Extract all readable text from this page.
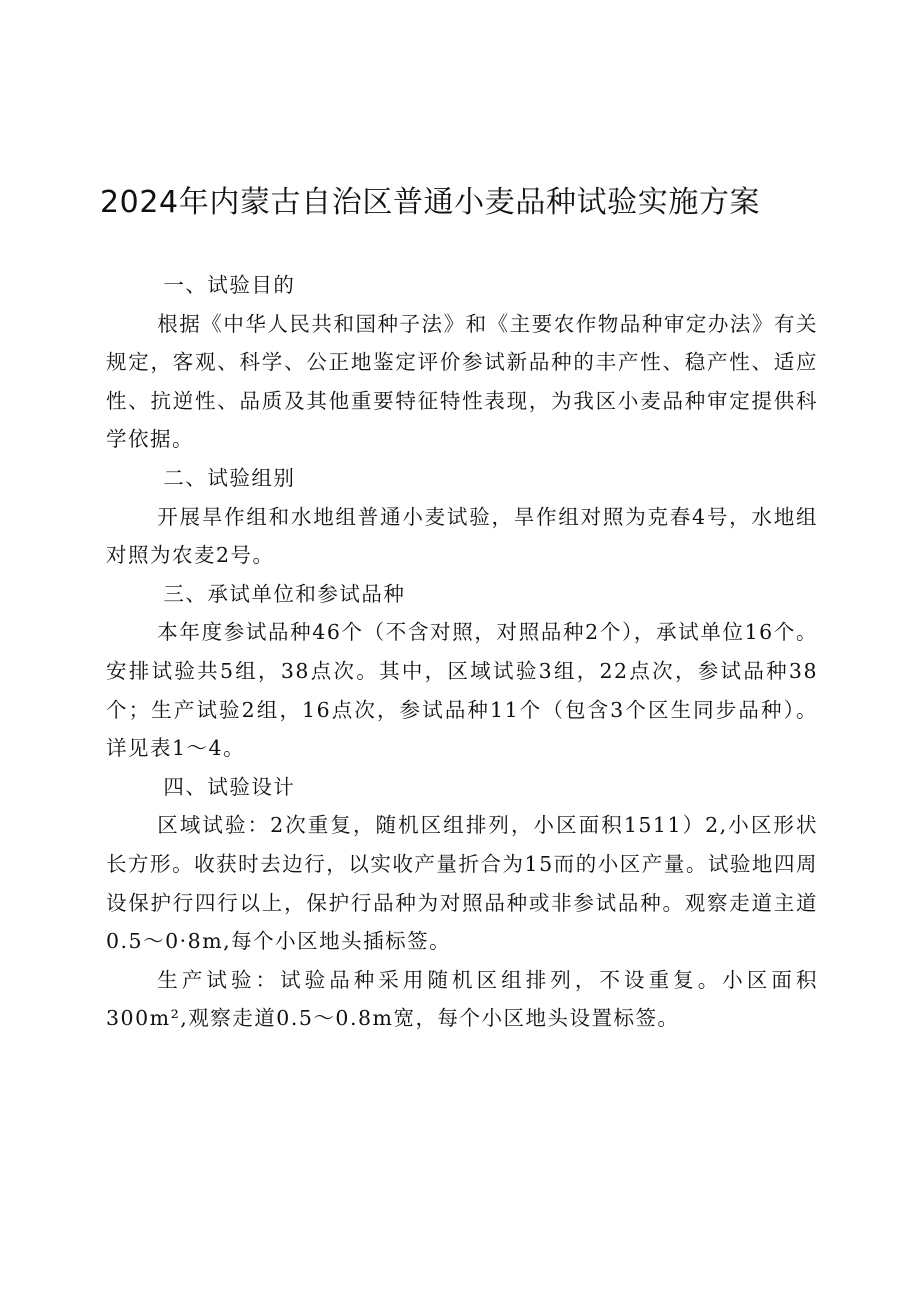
2024年内蒙古自治区普通小麦品种试验实施方案

一、试验目的

根据《中华人民共和国种子法》和《主要农作物品种审定办法》有关规定，客观、科学、公正地鉴定评价参试新品种的丰产性、稳产性、适应性、抗逆性、品质及其他重要特征特性表现，为我区小麦品种审定提供科学依据。

二、试验组别

开展旱作组和水地组普通小麦试验，旱作组对照为克春4号，水地组对照为农麦2号。

三、承试单位和参试品种

本年度参试品种46个（不含对照，对照品种2个），承试单位16个。安排试验共5组，38点次。其中，区域试验3组，22点次，参试品种38个；生产试验2组，16点次，参试品种11个（包含3个区生同步品种）。详见表1～4。

四、试验设计

区域试验：2次重复，随机区组排列，小区面积1511）2,小区形状长方形。收获时去边行，以实收产量折合为15而的小区产量。试验地四周设保护行四行以上，保护行品种为对照品种或非参试品种。观察走道主道0.5～0·8m,每个小区地头插标签。

生产试验：试验品种采用随机区组排列，不设重复。小区面积300m²,观察走道0.5～0.8m宽，每个小区地头设置标签。
